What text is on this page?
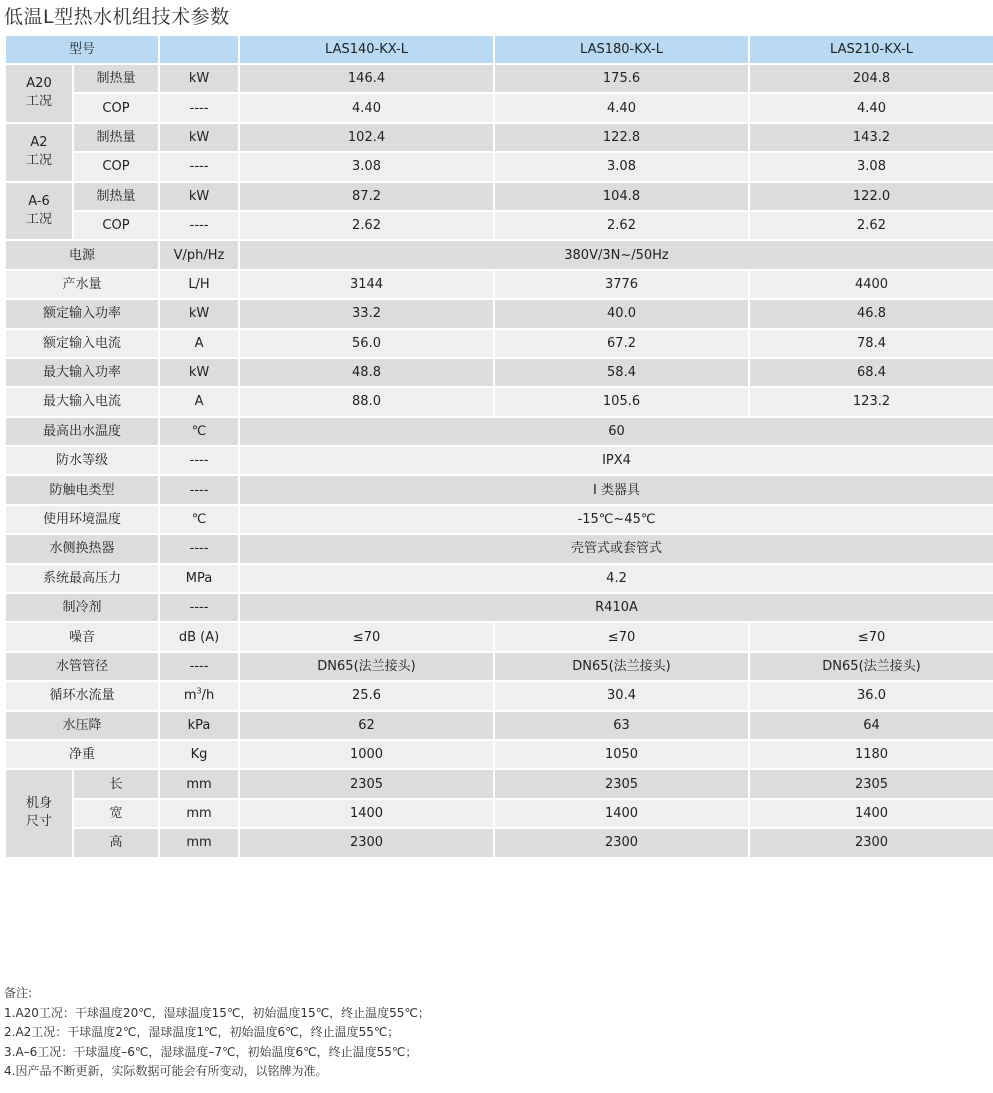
低温L型热水机组技术参数
型号			LAS140-KX-L	LAS180-KX-L	LAS210-KX-L
A20
工况	制热量	kW	146.4	175.6	204.8
	COP	----	4.40	4.40	4.40
A2
工况	制热量	kW	102.4	122.8	143.2
	COP	----	3.08	3.08	3.08
A-6
工况	制热量	kW	87.2	104.8	122.0
	COP	----	2.62	2.62	2.62
电源		V/ph/Hz	380V/3N~/50Hz		
产水量		L/H	3144	3776	4400
额定输入功率		kW	33.2	40.0	46.8
额定输入电流		A	56.0	67.2	78.4
最大输入功率		kW	48.8	58.4	68.4
最大输入电流		A	88.0	105.6	123.2
最高出水温度		℃	60		
防水等级		----	IPX4		
防触电类型		----	I 类器具		
使用环境温度		℃	-15℃~45℃		
水侧换热器		----	壳管式或套管式		
系统最高压力		MPa	4.2		
制冷剂		----	R410A		
噪音		dB (A)	≤70	≤70	≤70
水管管径		----	DN65(法兰接头)	DN65(法兰接头)	DN65(法兰接头)
循环水流量		$m^3/h$	25.6	30.4	36.0
水压降		kPa	62	63	64
净重		Kg	1000	1050	1180
机身
尺寸	长	mm	2305	2305	2305
	宽	mm	1400	1400	1400
	高	mm	2300	2300	2300
备注:
1.A20工况：干球温度20℃，湿球温度15℃，初始温度15℃，终止温度55℃；
2.A2工况：干球温度2℃，湿球温度1℃，初始温度6℃，终止温度55℃；
3.A–6工况：干球温度–6℃，湿球温度–7℃，初始温度6℃，终止温度55℃；
4.因产品不断更新，实际数据可能会有所变动，以铭牌为准。
